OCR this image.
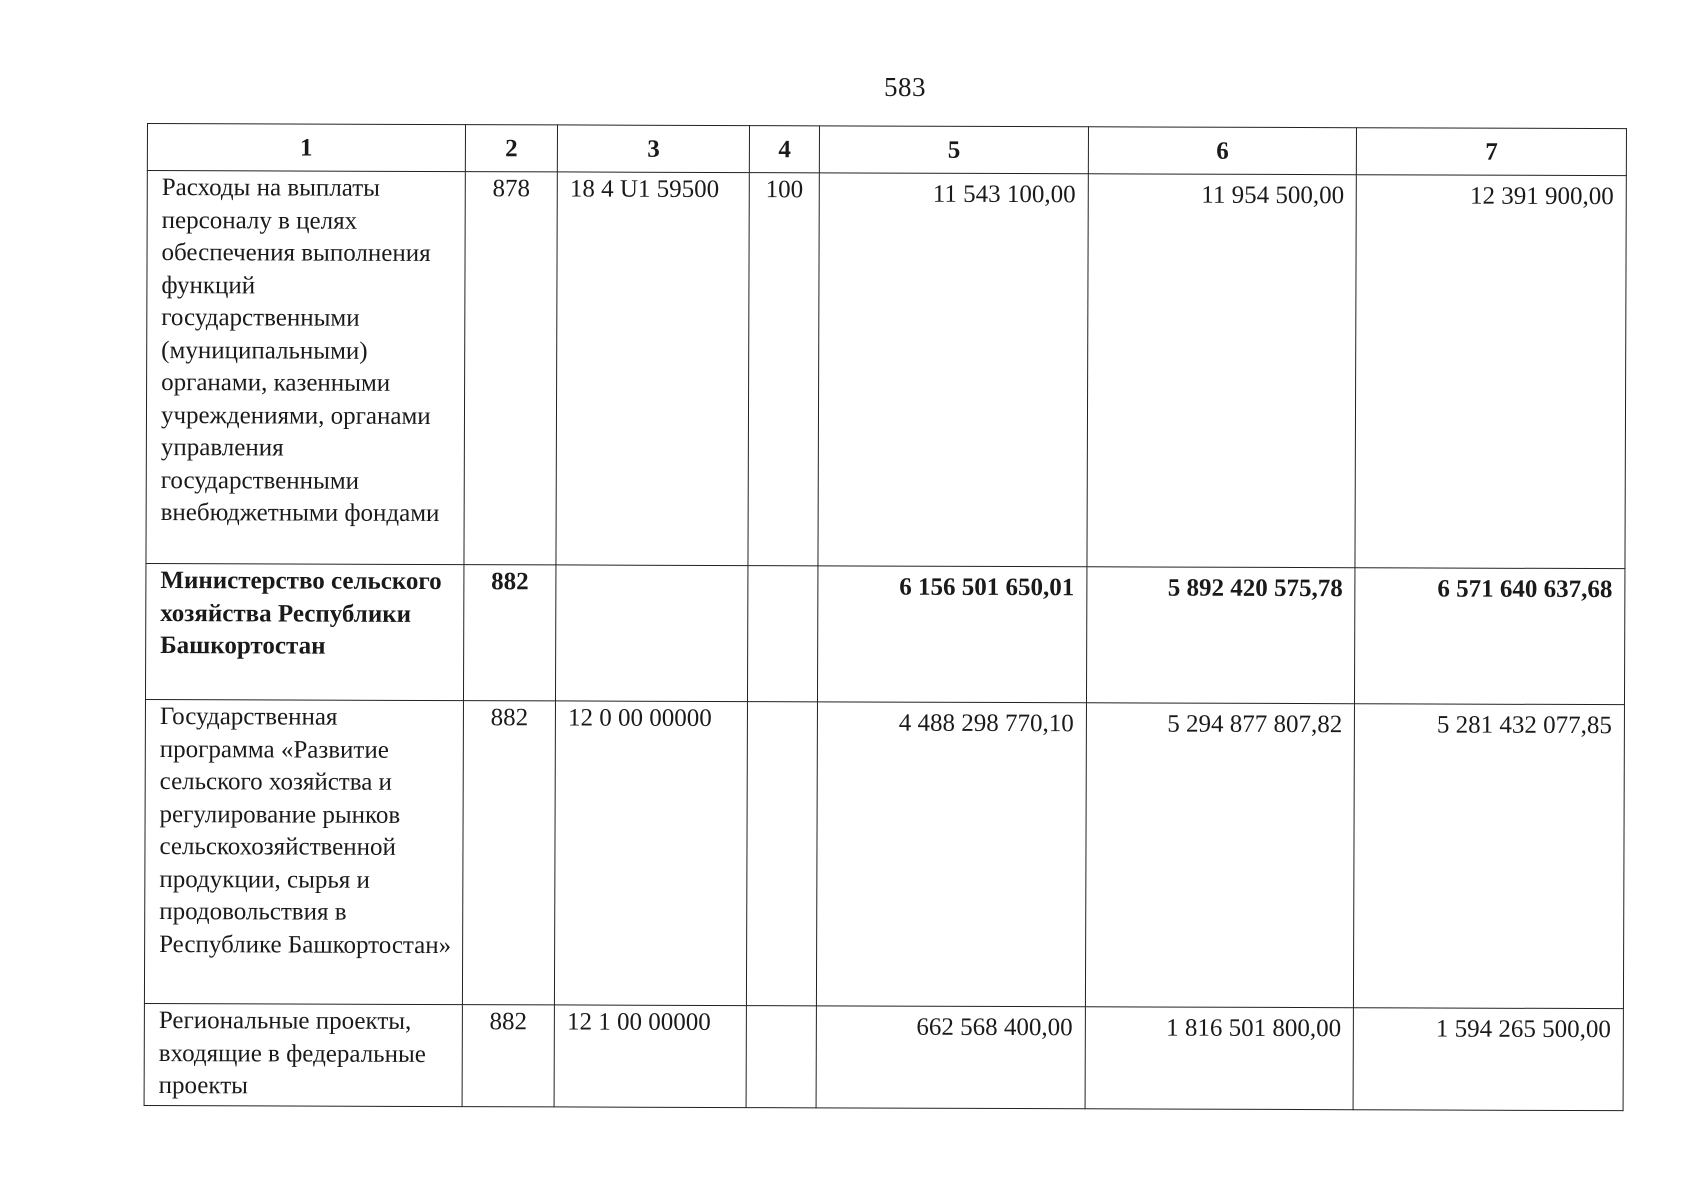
583
1	2	3	4	5	6	7
Расходы на выплаты персоналу в целях обеспечения выполнения функций государственными (муниципальными) органами, казенными учреждениями, органами управления государственными внебюджетными фондами	878	18 4 U1 59500	100	11 543 100,00	11 954 500,00	12 391 900,00
Министерство сельского хозяйства Республики Башкортостан	882			6 156 501 650,01	5 892 420 575,78	6 571 640 637,68
Государственная программа «Развитие сельского хозяйства и регулирование рынков сельскохозяйственной продукции, сырья и продовольствия в Республике Башкортостан»	882	12 0 00 00000		4 488 298 770,10	5 294 877 807,82	5 281 432 077,85
Региональные проекты, входящие в федеральные проекты	882	12 1 00 00000		662 568 400,00	1 816 501 800,00	1 594 265 500,00
